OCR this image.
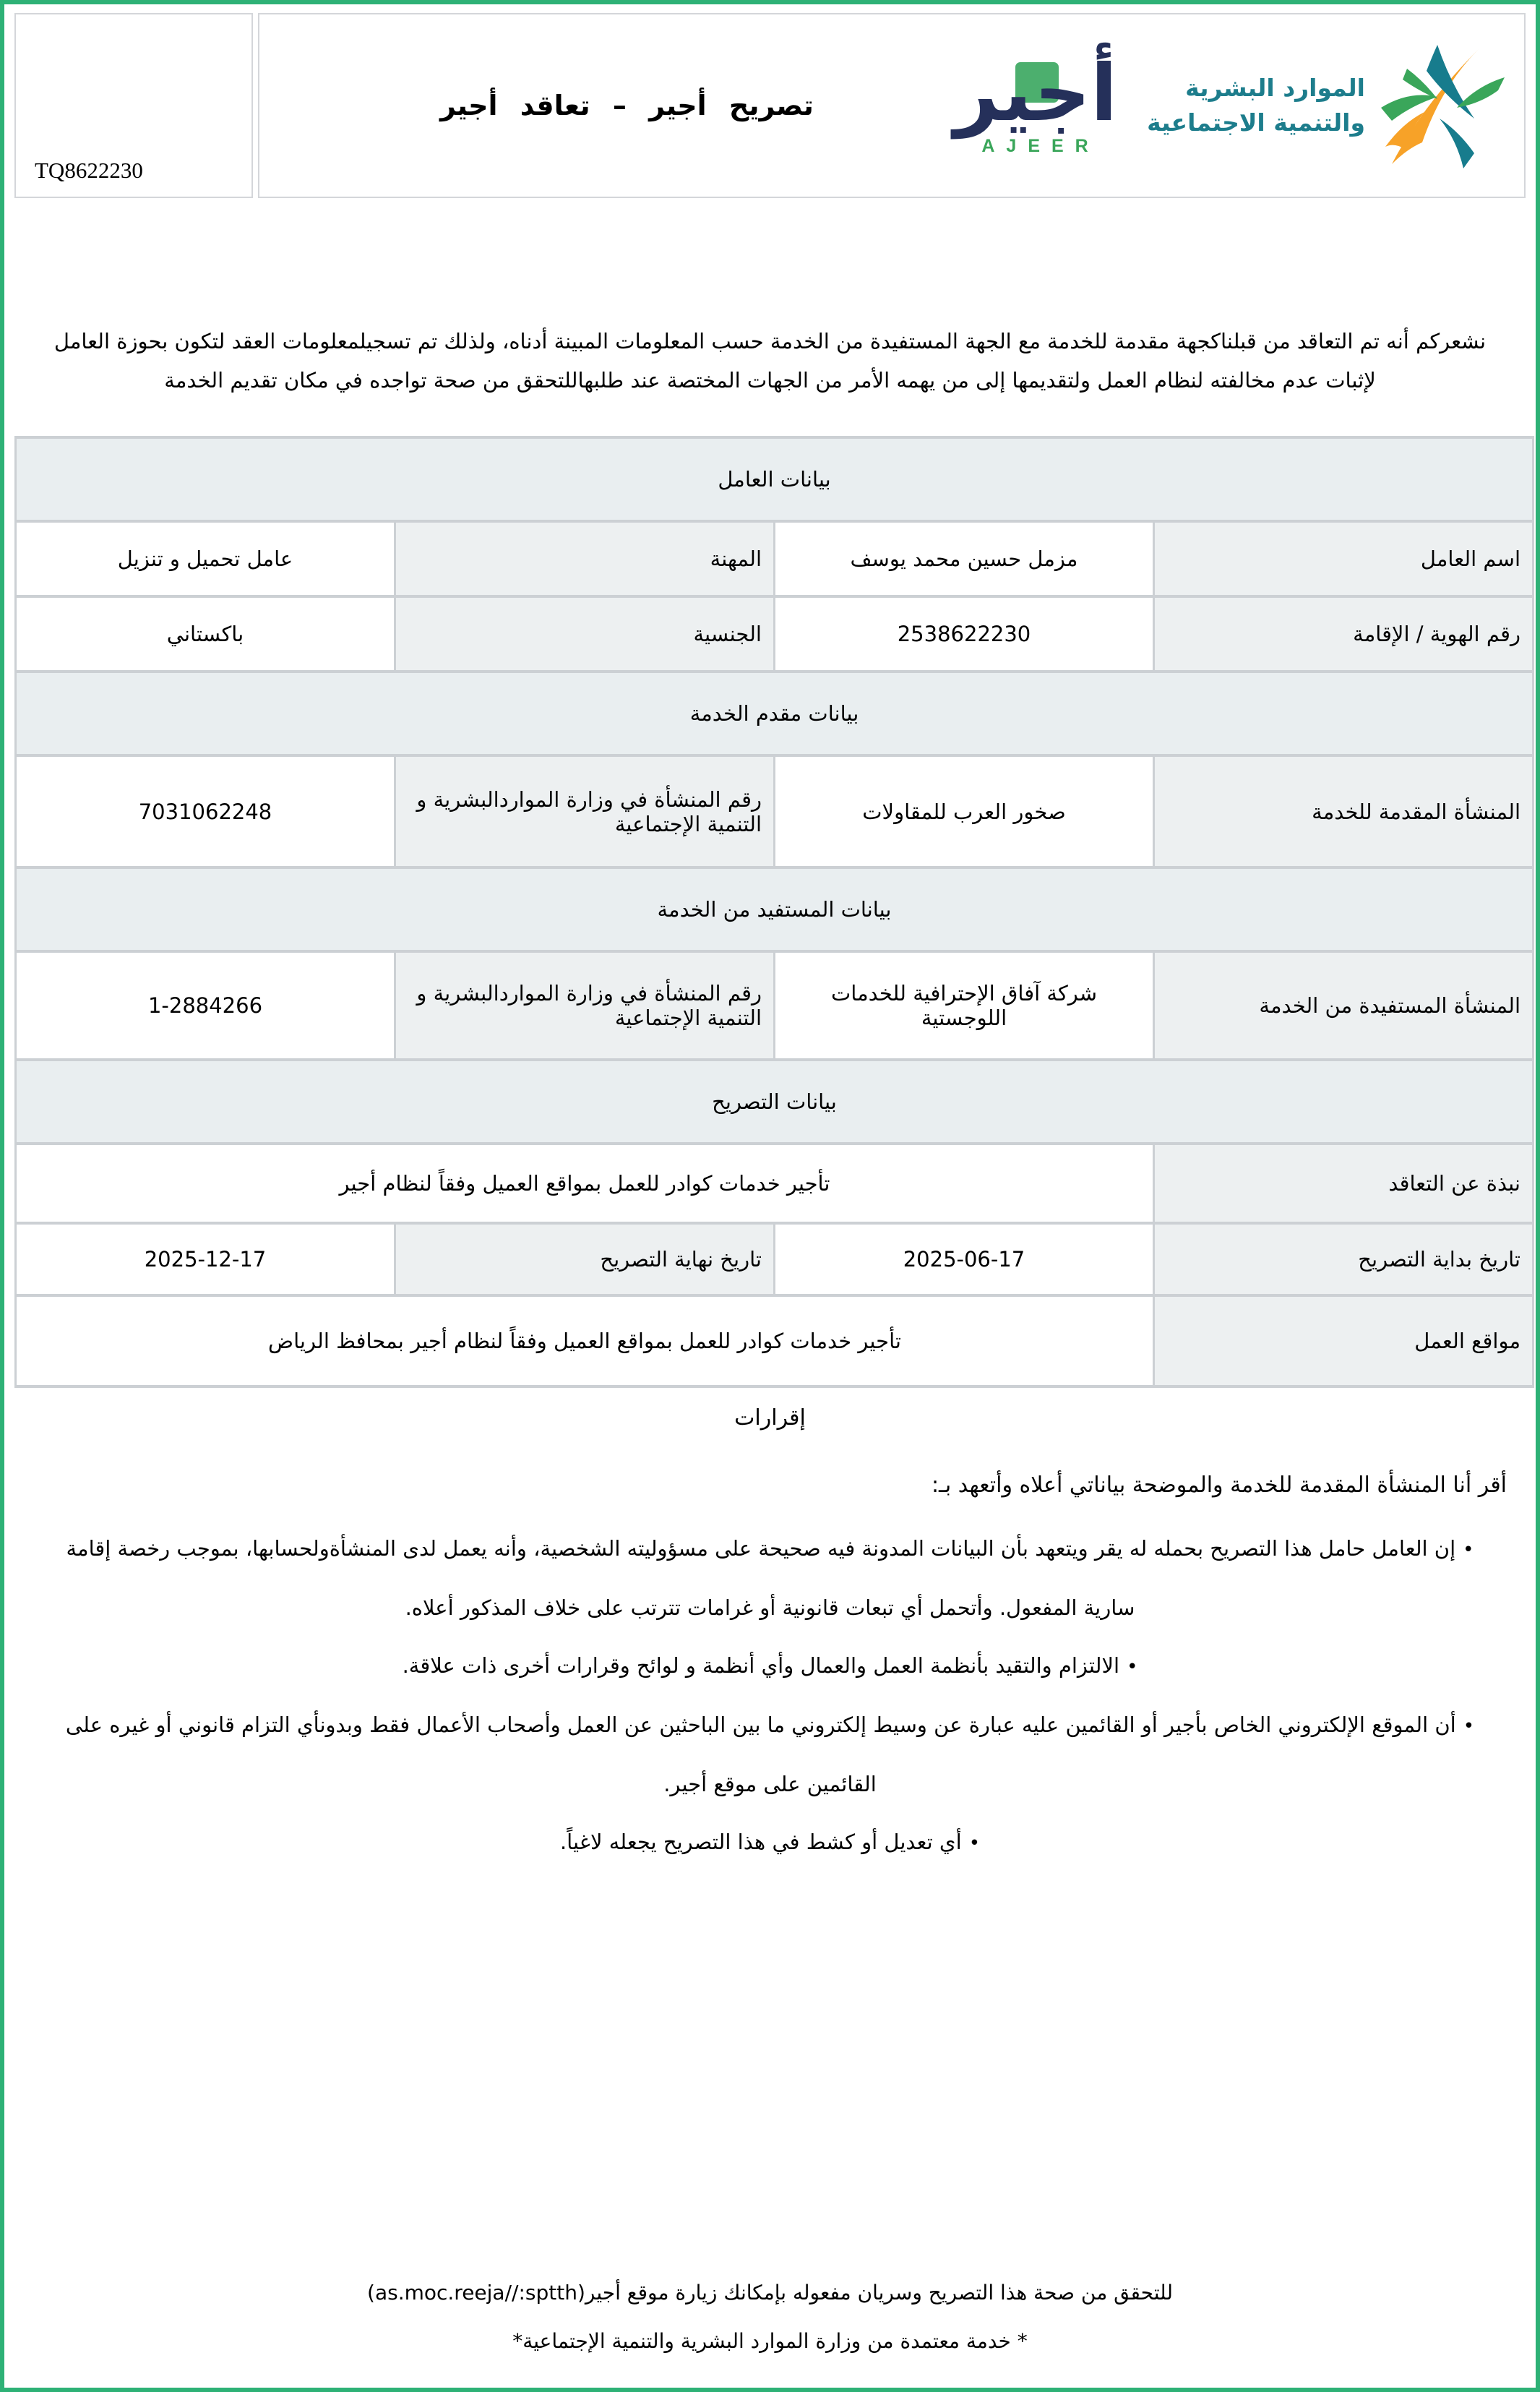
TQ8622230
تصريح أجير – تعاقد أجير أجير
AJEER
الموارد البشرية
والتنمية الاجتماعية
نشعركم أنه تم التعاقد من قبلناكجهة مقدمة للخدمة مع الجهة المستفيدة من الخدمة حسب المعلومات المبينة أدناه، ولذلك تم تسجيلمعلومات العقد لتكون بحوزة العامل لإثبات عدم مخالفته لنظام العمل ولتقديمها إلى من يهمه الأمر من الجهات المختصة عند طلبهاللتحقق من صحة تواجده في مكان تقديم الخدمة
بيانات العامل			
اسم العامل	مزمل حسين محمد يوسف	المهنة	عامل تحميل و تنزيل
رقم الهوية / الإقامة	2538622230	الجنسية	باكستاني
بيانات مقدم الخدمة			
المنشأة المقدمة للخدمة	صخور العرب للمقاولات	رقم المنشأة في وزارة المواردالبشرية و التنمية الإجتماعية	7031062248
بيانات المستفيد من الخدمة			
المنشأة المستفيدة من الخدمة	شركة آفاق الإحترافية للخدمات اللوجستية	رقم المنشأة في وزارة المواردالبشرية و التنمية الإجتماعية	1-2884266
بيانات التصريح			
نبذة عن التعاقد	تأجير خدمات كوادر للعمل بمواقع العميل وفقاً لنظام أجير		
تاريخ بداية التصريح	2025-06-17	تاريخ نهاية التصريح	2025-12-17
مواقع العمل	تأجير خدمات كوادر للعمل بمواقع العميل وفقاً لنظام أجير بمحافظ الرياض		
إقرارات
أقر أنا المنشأة المقدمة للخدمة والموضحة بياناتي أعلاه وأتعهد بـ:
•إن العامل حامل هذا التصريح بحمله له يقر ويتعهد بأن البيانات المدونة فيه صحيحة على مسؤوليته الشخصية، وأنه يعمل لدى المنشأةولحسابها، بموجب رخصة إقامة سارية المفعول. وأتحمل أي تبعات قانونية أو غرامات تترتب على خلاف المذكور أعلاه.
•الالتزام والتقيد بأنظمة العمل والعمال وأي أنظمة و لوائح وقرارات أخرى ذات علاقة.
•أن الموقع الإلكتروني الخاص بأجير أو القائمين عليه عبارة عن وسيط إلكتروني ما بين الباحثين عن العمل وأصحاب الأعمال فقط وبدونأي التزام قانوني أو غيره على القائمين على موقع أجير.
•أي تعديل أو كشط في هذا التصريح يجعله لاغياً.
للتحقق من صحة هذا التصريح وسريان مفعوله بإمكانك زيارة موقع أجير(as.moc.reeja//:sptth)
* خدمة معتمدة من وزارة الموارد البشرية والتنمية الإجتماعية*
